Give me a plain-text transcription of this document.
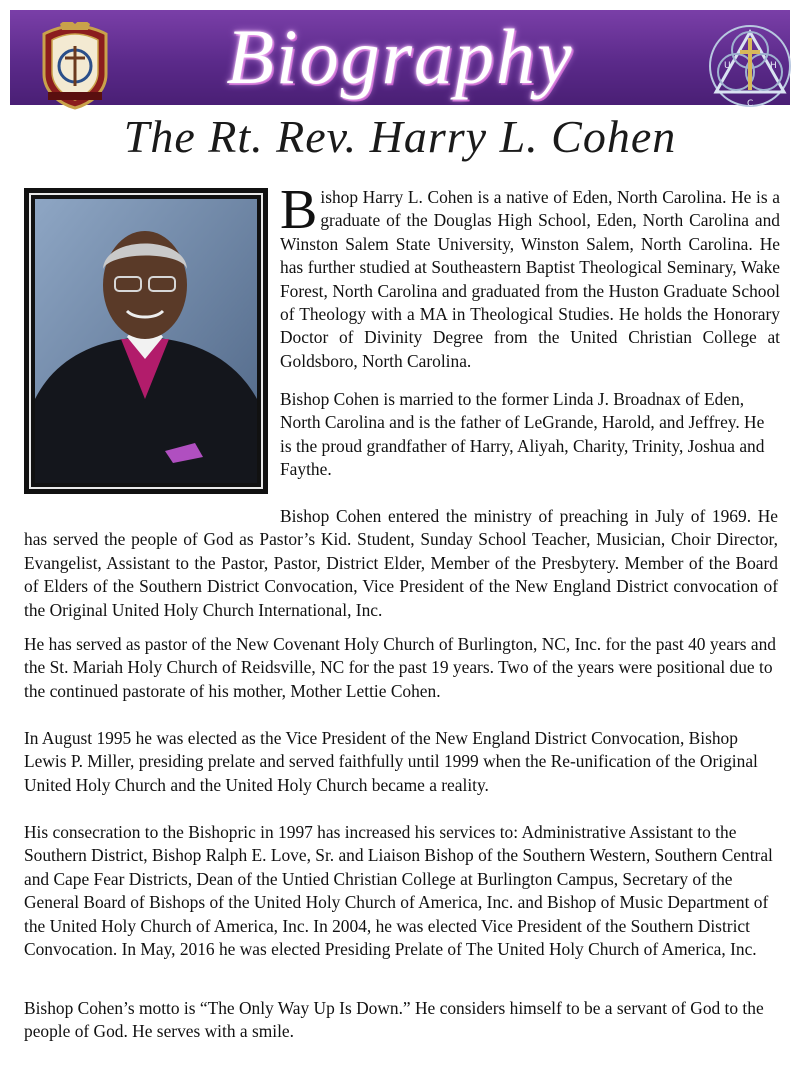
Biography	U	H
C
The Rt. Rev. Harry L. Cohen
Bishop Harry L. Cohen is a native of Eden, North Carolina. He is a graduate of the Douglas High School, Eden, North Carolina and Winston Salem State University, Winston Salem, North Carolina. He has further studied at Southeastern Baptist Theological Seminary, Wake Forest, North Carolina and graduated from the Huston Graduate School of Theology with a MA in Theological Studies. He holds the Honorary Doctor of Divinity Degree from the United Christian College at Goldsboro, North Carolina.
Bishop Cohen is married to the former Linda J. Broadnax of Eden, North Carolina and is the father of LeGrande, Harold, and Jeffrey. He is the proud grandfather of Harry, Aliyah, Charity, Trinity, Joshua and Faythe.
Bishop Cohen entered the ministry of preaching in July of 1969. He has served the people of God as Pastor’s Kid. Student, Sunday School Teacher, Musician, Choir Director, Evangelist, Assistant to the Pastor, Pastor, District Elder, Member of the Presbytery. Member of the Board of Elders of the Southern District Convocation, Vice President of the New England District convocation of the Original United Holy Church International, Inc.
He has served as pastor of the New Covenant Holy Church of Burlington, NC, Inc. for the past 40 years and the St. Mariah Holy Church of Reidsville, NC for the past 19 years. Two of the years were positional due to the continued pastorate of his mother, Mother Lettie Cohen.
In August 1995 he was elected as the Vice President of the New England District Convocation, Bishop Lewis P. Miller, presiding prelate and served faithfully until 1999 when the Re-unification of the Original United Holy Church and the United Holy Church became a reality.
His consecration to the Bishopric in 1997 has increased his services to: Administrative Assistant to the Southern District, Bishop Ralph E. Love, Sr. and Liaison Bishop of the Southern Western, Southern Central and Cape Fear Districts, Dean of the Untied Christian College at Burlington Campus, Secretary of the General Board of Bishops of the United Holy Church of America, Inc. and Bishop of Music Department of the United Holy Church of America, Inc. In 2004, he was elected Vice President of the Southern District Convocation. In May, 2016 he was elected Presiding Prelate of The United Holy Church of America, Inc.
Bishop Cohen’s motto is “The Only Way Up Is Down.” He considers himself to be a servant of God to the people of God. He serves with a smile.
